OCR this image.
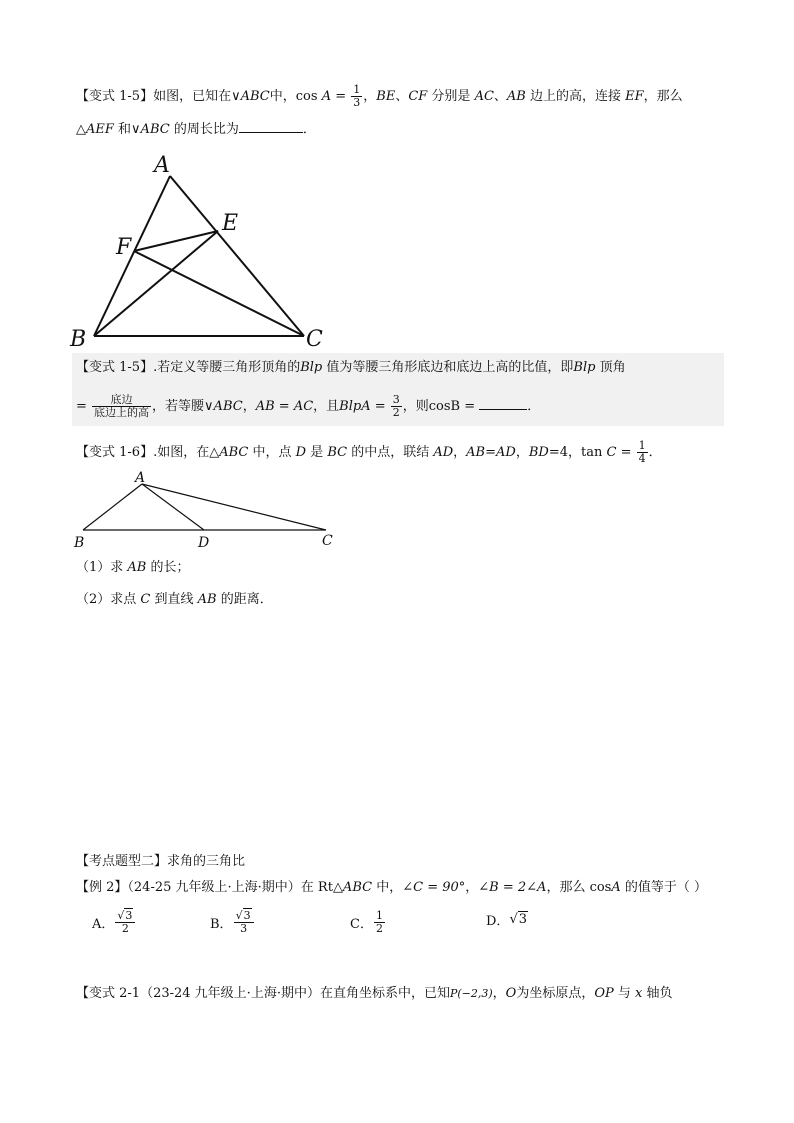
【变式 1-5】如图，已知在∨ABC中，$\cos A = \frac{1}{3}$ ，BE、CF 分别是 AC、AB 边上的高，连接 EF，那么
△AEF 和∨ABC 的周长比为	．
A
E
F
B	C
【变式 1-5】.若定义等腰三角形顶角的Blp 值为等腰三角形底边和底边上高的比值，即Blp 顶角
= $\frac{\text{底边}}{\text{底边上的高}}$ ，若等腰∨ABC，AB = AC，且BlpA = $\frac{3}{2}$ ，则cosB =	．
【变式 1-6】.如图，在△ABC 中，点 D 是 BC 的中点，联结 AD，AB=AD，BD=4，$\tan C = \frac{1}{4}$ ．
A
B	D	C
（1）求 AB 的长；
（2）求点 C 到直线 AB 的距离．
【考点题型二】求角的三角比
【例 2】（24-25 九年级上·上海·期中）在 Rt△ABC 中，∠C = 90°，∠B = 2∠A，那么 cosA 的值等于（ ）
A． $\frac{√3}{2}$	B． $\frac{√3}{3}$	C． $\frac{1}{2}$	D． √3
【变式 2-1（23-24 九年级上·上海·期中）在直角坐标系中，已知P(−2,3)，O为坐标原点，OP 与 x 轴负
